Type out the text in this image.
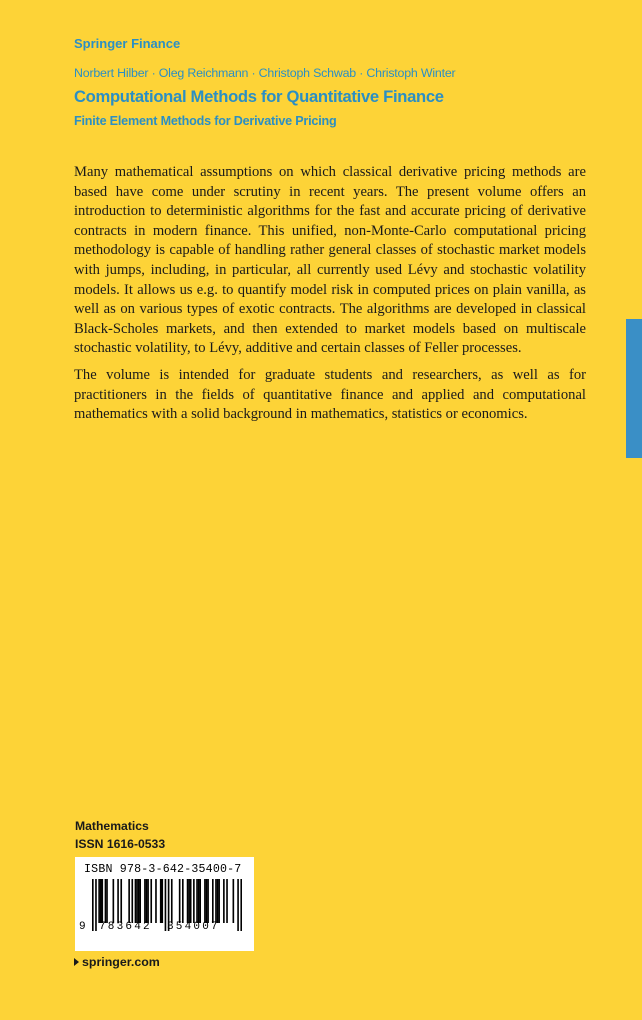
Springer Finance
Norbert Hilber · Oleg Reichmann · Christoph Schwab · Christoph Winter
Computational Methods for Quantitative Finance
Finite Element Methods for Derivative Pricing

Many mathematical assumptions on which classical derivative pricing methods are based have come under scrutiny in recent years. The present volume offers an introduction to deterministic algorithms for the fast and accurate pricing of derivative contracts in modern finance. This unified, non-Monte-Carlo computational pricing methodology is capable of handling rather general classes of stochastic market models with jumps, including, in particular, all currently used Lévy and stochastic volatility models. It allows us e.g. to quantify model risk in computed prices on plain vanilla, as well as on various types of exotic contracts. The algorithms are developed in classical Black-Scholes markets, and then extended to market models based on multiscale stochastic volatility, to Lévy, additive and certain classes of Feller processes.

The volume is intended for graduate students and researchers, as well as for practitioners in the fields of quantitative finance and applied and computational mathematics with a solid background in mathematics, statistics or economics.

Mathematics
ISSN 1616-0533
ISBN 978-3-642-35400-7
9 783642 354007
springer.com
